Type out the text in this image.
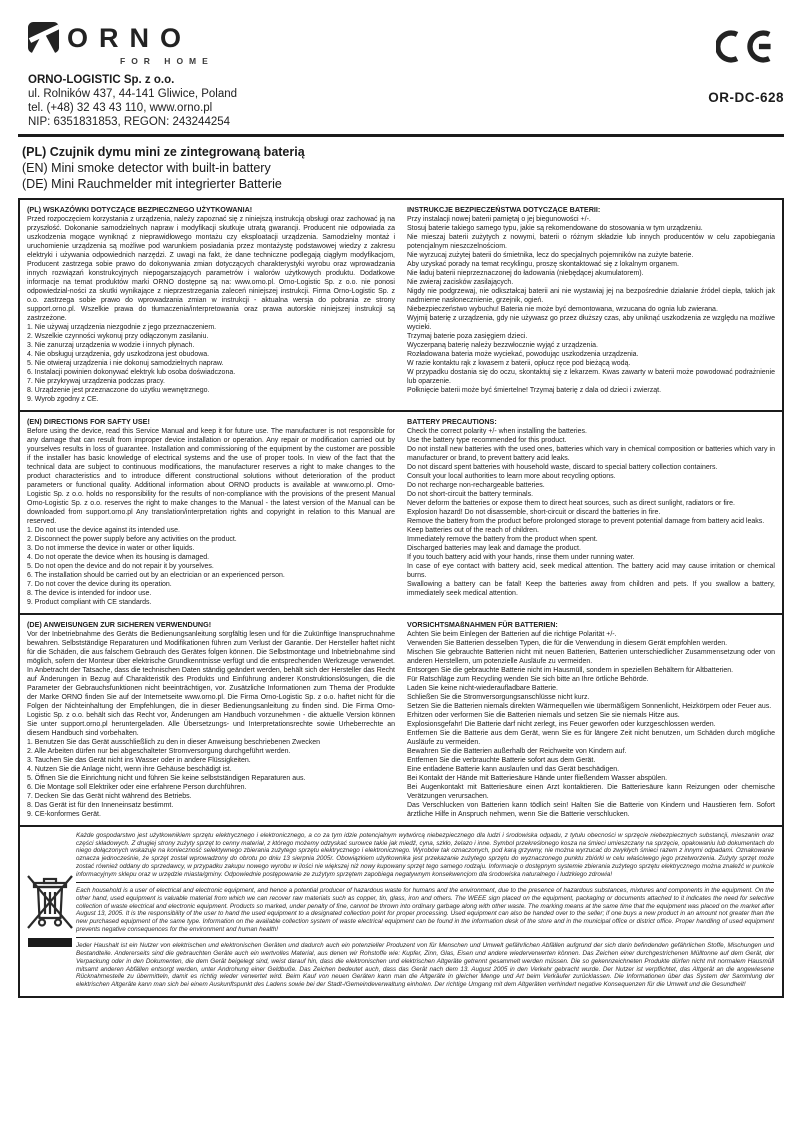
ORNO
FOR HOME
ORNO-LOGISTIC Sp. z o.o.
ul. Rolników 437, 44-141 Gliwice, Poland
tel. (+48) 32 43 43 110, www.orno.pl
NIP: 6351831853, REGON: 243244254
OR-DC-628
(PL) Czujnik dymu mini ze zintegrowaną baterią
(EN) Mini smoke detector with built-in battery
(DE) Mini Rauchmelder mit integrierter Batterie
(PL) WSKAZÓWKI DOTYCZĄCE BEZPIECZNEGO UŻYTKOWANIA!

Przed rozpoczęciem korzystania z urządzenia, należy zapoznać się z niniejszą instrukcją obsługi oraz zachować ją na przyszłość. Dokonanie samodzielnych napraw i modyfikacji skutkuje utratą gwarancji. Producent nie odpowiada za uszkodzenia mogące wyniknąć z nieprawidłowego montażu czy eksploatacji urządzenia. Samodzielny montaż i uruchomienie urządzenia są możliwe pod warunkiem posiadania przez montażystę podstawowej wiedzy z zakresu elektryki i używania odpowiednich narzędzi. Z uwagi na fakt, że dane techniczne podlegają ciągłym modyfikacjom, Producent zastrzega sobie prawo do dokonywania zmian dotyczących charakterystyki wyrobu oraz wprowadzania innych rozwiązań konstrukcyjnych niepogarszających parametrów i walorów użytkowych produktu. Dodatkowe informacje na temat produktów marki ORNO dostępne są na: www.orno.pl. Orno-Logistic Sp. z o.o. nie ponosi odpowiedzial-ności za skutki wynikające z nieprzestrzegania zaleceń niniejszej instrukcji. Firma Orno-Logistic Sp. z o.o. zastrzega sobie prawo do wprowadzania zmian w instrukcji - aktualna wersja do pobrania ze strony support.orno.pl. Wszelkie prawa do tłumaczenia/interpretowania oraz prawa autorskie niniejszej instrukcji są zastrzeżone.

1. Nie używaj urządzenia niezgodnie z jego przeznaczeniem.
2. Wszelkie czynności wykonuj przy odłączonym zasilaniu.
3. Nie zanurzaj urządzenia w wodzie i innych płynach.
4. Nie obsługuj urządzenia, gdy uszkodzona jest obudowa.
5. Nie otwieraj urządzenia i nie dokonuj samodzielnych napraw.
6. Instalacji powinien dokonywać elektryk lub osoba doświadczona.
7. Nie przykrywaj urządzenia podczas pracy.
8. Urządzenie jest przeznaczone do użytku wewnętrznego.
9. Wyrob zgodny z CE.
INSTRUKCJE BEZPIECZEŃSTWA DOTYCZĄCE BATERII:
Przy instalacji nowej baterii pamiętaj o jej biegunowości +/-.
Stosuj baterie takiego samego typu, jakie są rekomendowane do stosowania w tym urządzeniu.
Nie mieszaj baterii zużytych z nowymi, baterii o różnym składzie lub innych producentów w celu zapobiegania potencjalnym nieszczelnościom.
Nie wyrzucaj zużytej baterii do śmietnika, lecz do specjalnych pojemników na zużyte baterie.
Aby uzyskać porady na temat recyklingu, proszę skontaktować się z lokalnym organem.
Nie ładuj baterii nieprzeznaczonej do ładowania (niebędącej akumulatorem).
Nie zwieraj zacisków zasilających.
Nigdy nie podgrzewaj, nie odkształcaj baterii ani nie wystawiaj jej na bezpośrednie działanie źródeł ciepła, takich jak nadmierne nasłonecznienie, grzejnik, ogień.
Niebezpieczeństwo wybuchu! Bateria nie może być demontowana, wrzucana do ognia lub zwierana.
Wyjmij baterię z urządzenia, gdy nie używasz go przez dłuższy czas, aby uniknąć uszkodzenia ze względu na możliwe wycieki.
Trzymaj baterie poza zasięgiem dzieci.
Wyczerpaną baterię należy bezzwłocznie wyjąć z urządzenia.
Rozładowana bateria może wyciekać, powodując uszkodzenia urządzenia.
W razie kontaktu rąk z kwasem z baterii, opłucz ręce pod bieżącą wodą.
W przypadku dostania się do oczu, skontaktuj się z lekarzem. Kwas zawarty w baterii może powodować podrażnienie lub oparzenie.
Połknięcie baterii może być śmiertelne! Trzymaj baterię z dala od dzieci i zwierząt.
(EN) DIRECTIONS FOR SAFTY USE!

Before using the device, read this Service Manual and keep it for future use. The manufacturer is not responsible for any damage that can result from improper device installation or operation. Any repair or modification carried out by yourselves results in loss of guarantee. Installation and commissioning of the equipment by the customer are possible if the installer has basic knowledge of electrical systems and the use of proper tools. In view of the fact that the technical data are subject to continuous modifications, the manufacturer reserves a right to make changes to the product characteristics and to introduce different constructional solutions without deterioration of the product parameters or functional quality. Additional information about ORNO products is available at www.orno.pl. Orno-Logistic Sp. z o.o. holds no responsibility for the results of non-compliance with the provisions of the present Manual Orno-Logistic Sp. z o.o. reserves the right to make changes to the Manual - the latest version of the Manual can be downloaded from support.orno.pl Any translation/interpretation rights and copyright in relation to this Manual are reserved.

1. Do not use the device against its intended use.
2. Disconnect the power supply before any activities on the product.
3. Do not immerse the device in water or other liquids.
4. Do not operate the device when its housing is damaged.
5. Do not open the device and do not repair it by yourselves.
6. The installation should be carried out by an electrician or an experienced person.
7. Do not cover the device during its operation.
8. The device is intended for indoor use.
9. Product compliant with CE standards.
BATTERY PRECAUTIONS:
Check the correct polarity +/- when installing the batteries.
Use the battery type recommended for this product.
Do not install new batteries with the used ones, batteries which vary in chemical composition or batteries which vary in manufacturer or brand, to prevent battery acid leaks.
Do not discard spent batteries with household waste, discard to special battery collection containers.
Consult your local authorities to learn more about recycling options.
Do not recharge non-rechargeable batteries.
Do not short-circuit the battery terminals.
Never deform the batteries or expose them to direct heat sources, such as direct sunlight, radiators or fire.
Explosion hazard! Do not disassemble, short-circuit or discard the batteries in fire.
Remove the battery from the product before prolonged storage to prevent potential damage from battery acid leaks.
Keep batteries out of the reach of children.
Immediately remove the battery from the product when spent.
Discharged batteries may leak and damage the product.
If you touch battery acid with your hands, rinse them under running water.
In case of eye contact with battery acid, seek medical attention. The battery acid may cause irritation or chemical burns.
Swallowing a battery can be fatal! Keep the batteries away from children and pets. If you swallow a battery, immediately seek medical attention.
(DE) ANWEISUNGEN ZUR SICHEREN VERWENDUNG!

Vor der Inbetriebnahme des Geräts die Bedienungsanleitung sorgfältig lesen und für die Zukünftige Inanspruchnahme bewahren. Selbstständige Reparaturen und Modifikationen führen zum Verlust der Garantie. Der Hersteller haftet nicht für die Schäden, die aus falschem Gebrauch des Gerätes folgen können. Die Selbstmontage und Inbetriebnahme sind möglich, sofern der Monteur über elektrische Grundkenntnisse verfügt und die entsprechenden Werkzeuge verwendet. In Anbetracht der Tatsache, dass die technischen Daten ständig geändert werden, behält sich der Hersteller das Recht auf Änderungen in Bezug auf Charakteristik des Produkts und Einführung anderer Konstruktionslösungen, die die Parameter der Gebrauchsfunktionen nicht beeinträchtigen, vor. Zusätzliche Informationen zum Thema der Produkte der Marke ORNO finden Sie auf der Internetseite www.orno.pl. Die Firma Orno-Logistic Sp. z o.o. haftet nicht für die Folgen der Nichteinhaltung der Empfehlungen, die in dieser Bedienungsanleitung zu finden sind. Die Firma Orno-Logistic Sp. z o.o. behält sich das Recht vor, Änderungen am Handbuch vorzunehmen - die aktuelle Version können Sie unter support.orno.pl heruntergeladen. Alle Übersetzungs- und Interpretationsrechte sowie Urheberrechte an diesem Handbuch sind vorbehalten.

1. Benutzen Sie das Gerät ausschließlich zu den in dieser Anweisung beschriebenen Zwecken
2. Alle Arbeiten dürfen nur bei abgeschalteter Stromversorgung durchgeführt werden.
3. Tauchen Sie das Gerät nicht ins Wasser oder in andere Flüssigkeiten.
4. Nutzen Sie die Anlage nicht, wenn ihre Gehäuse beschädigt ist.
5. Öffnen Sie die Einrichtung nicht und führen Sie keine selbstständigen Reparaturen aus.
6. Die Montage soll Elektriker oder eine erfahrene Person durchführen.
7. Decken Sie das Gerät nicht während des Betriebs.
8. Das Gerät ist für den Inneneinsatz bestimmt.
9. CE-konformes Gerät.
VORSICHTSMAßNAHMEN FÜR BATTERIEN:
Achten Sie beim Einlegen der Batterien auf die richtige Polarität +/-.
Verwenden Sie Batterien desselben Typen, die für die Verwendung in diesem Gerät empfohlen werden.
Mischen Sie gebrauchte Batterien nicht mit neuen Batterien, Batterien unterschiedlicher Zusammensetzung oder von anderen Herstellern, um potenzielle Ausläufe zu vermeiden.
Entsorgen Sie die gebrauchte Batterie nicht im Hausmüll, sondern in speziellen Behältern für Altbatterien.
Für Ratschläge zum Recycling wenden Sie sich bitte an Ihre örtliche Behörde.
Laden Sie keine nicht-wiederaufladbare Batterie.
Schließen Sie die Stromversorgungsanschlüsse nicht kurz.
Setzen Sie die Batterien niemals direkten Wärmequellen wie übermäßigem Sonnenlicht, Heizkörpern oder Feuer aus.
Erhitzen oder verformen Sie die Batterien niemals und setzen Sie sie niemals Hitze aus.
Explosionsgefahr! Die Batterie darf nicht zerlegt, ins Feuer geworfen oder kurzgeschlossen werden.
Entfernen Sie die Batterie aus dem Gerät, wenn Sie es für längere Zeit nicht benutzen, um Schäden durch mögliche Ausläufe zu vermeiden.
Bewahren Sie die Batterien außerhalb der Reichweite von Kindern auf.
Entfernen Sie die verbrauchte Batterie sofort aus dem Gerät.
Eine entladene Batterie kann auslaufen und das Gerät beschädigen.
Bei Kontakt der Hände mit Batteriesäure Hände unter fließendem Wasser abspülen.
Bei Augenkontakt mit Batteriesäure einen Arzt kontaktieren. Die Batteriesäure kann Reizungen oder chemische Verätzungen verursachen.
Das Verschlucken von Batterien kann tödlich sein! Halten Sie die Batterie von Kindern und Haustieren fern. Sofort ärztliche Hilfe in Anspruch nehmen, wenn Sie die Batterie verschlucken.

Każde gospodarstwo jest użytkownikiem sprzętu elektrycznego i elektronicznego, a co za tym idzie potencjalnym wytwórcą niebezpiecznego dla ludzi i środowiska odpadu, z tytułu obecności w sprzęcie niebezpiecznych substancji, mieszanin oraz części składowych. Z drugiej strony zużyty sprzęt to cenny materiał, z którego możemy odzyskać surowce takie jak miedź, cyna, szkło, żelazo i inne. Symbol przekreślonego kosza na śmieci umieszczany na sprzęcie, opakowaniu lub dokumentach do niego dołączonych wskazuje na konieczność selektywnego zbierania zużytego sprzętu elektrycznego i elektronicznego. Wyrobów tak oznaczonych, pod karą grzywny, nie można wyrzucać do zwykłych śmieci razem z innymi odpadami. Oznakowanie oznacza jednocześnie, że sprzęt został wprowadzony do obrotu po dniu 13 sierpnia 2005r. Obowiązkiem użytkownika jest przekazanie zużytego sprzętu do wyznaczonego punktu zbiórki w celu właściwego jego przetworzenia. Zużyty sprzęt może zostać również oddany do sprzedawcy, w przypadku zakupu nowego wyrobu w ilości nie większej niż nowy kupowany sprzęt tego samego rodzaju. Informacje o dostępnym systemie zbierania zużytego sprzętu elektrycznego można znaleźć w punkcie informacyjnym sklepu oraz w urzędzie miasta/gminy. Odpowiednie postępowanie ze zużytym sprzętem zapobiega negatywnym konsekwencjom dla środowiska naturalnego i ludzkiego zdrowia!

Each household is a user of electrical and electronic equipment, and hence a potential producer of hazardous waste for humans and the environment, due to the presence of hazardous substances, mixtures and components in the equipment. On the other hand, used equipment is valuable material from which we can recover raw materials such as copper, tin, glass, iron and others. The WEEE sign placed on the equipment, packaging or documents attached to it indicates the need for selective collection of waste electrical and electronic equipment. Products so marked, under penalty of fine, cannot be thrown into ordinary garbage along with other waste. The marking means at the same time that the equipment was placed on the market after August 13, 2005. It is the responsibility of the user to hand the used equipment to a designated collection point for proper processing. Used equipment can also be handed over to the seller; if one buys a new product in an amount not greater than the new purchased equipment of the same type. Information on the available collection system of waste electrical equipment can be found in the information desk of the store and in the municipal office or district office. Proper handling of used equipment prevents negative consequences for the environment and human health!

Jeder Haushalt ist ein Nutzer von elektrischen und elektronischen Geräten und dadurch auch ein potenzieller Produzent von für Menschen und Umwelt gefährlichen Abfällen aufgrund der sich darin befindenden gefährlichen Stoffe, Mischungen und Bestandteile. Andererseits sind die gebrauchten Geräte auch ein wertvolles Material, aus denen wir Rohstoffe wie: Kupfer, Zinn, Glas, Eisen und andere wiederverwerten können. Das Zeichen einer durchgestrichenen Mülltonne auf dem Gerät, der Verpackung oder in den Dokumenten, die dem Gerät beigelegt sind, weist darauf hin, dass die elektronischen und elektrischen Altgeräte getrennt gesammelt werden müssen. Die so gekennzeichneten Produkte dürfen nicht mit normalem Hausmüll mitsamt anderen Abfällen entsorgt werden, unter Androhung einer Geldbuße. Das Zeichen bedeutet auch, dass das Gerät nach dem 13. August 2005 in den Verkehr gebracht wurde. Der Nutzer ist verpflichtet, das Altgerät an die angewiesene Rücknahmestelle zu übermitteln, damit es richtig wieder verwertet wird. Beim Kauf von neuen Geräten kann man die Altgeräte in gleicher Menge und Art beim Verkäufer zurücklassen. Die Informationen über das System der Sammlung der elektrischen Altgeräte kann man sich bei einem Auskunftspunkt des Ladens sowie bei der Stadt-/Gemeindeverwaltung einholen. Der richtige Umgang mit dem Altgeräten verhindert negative Konsequenzen für die Umwelt und die Gesundheit!
